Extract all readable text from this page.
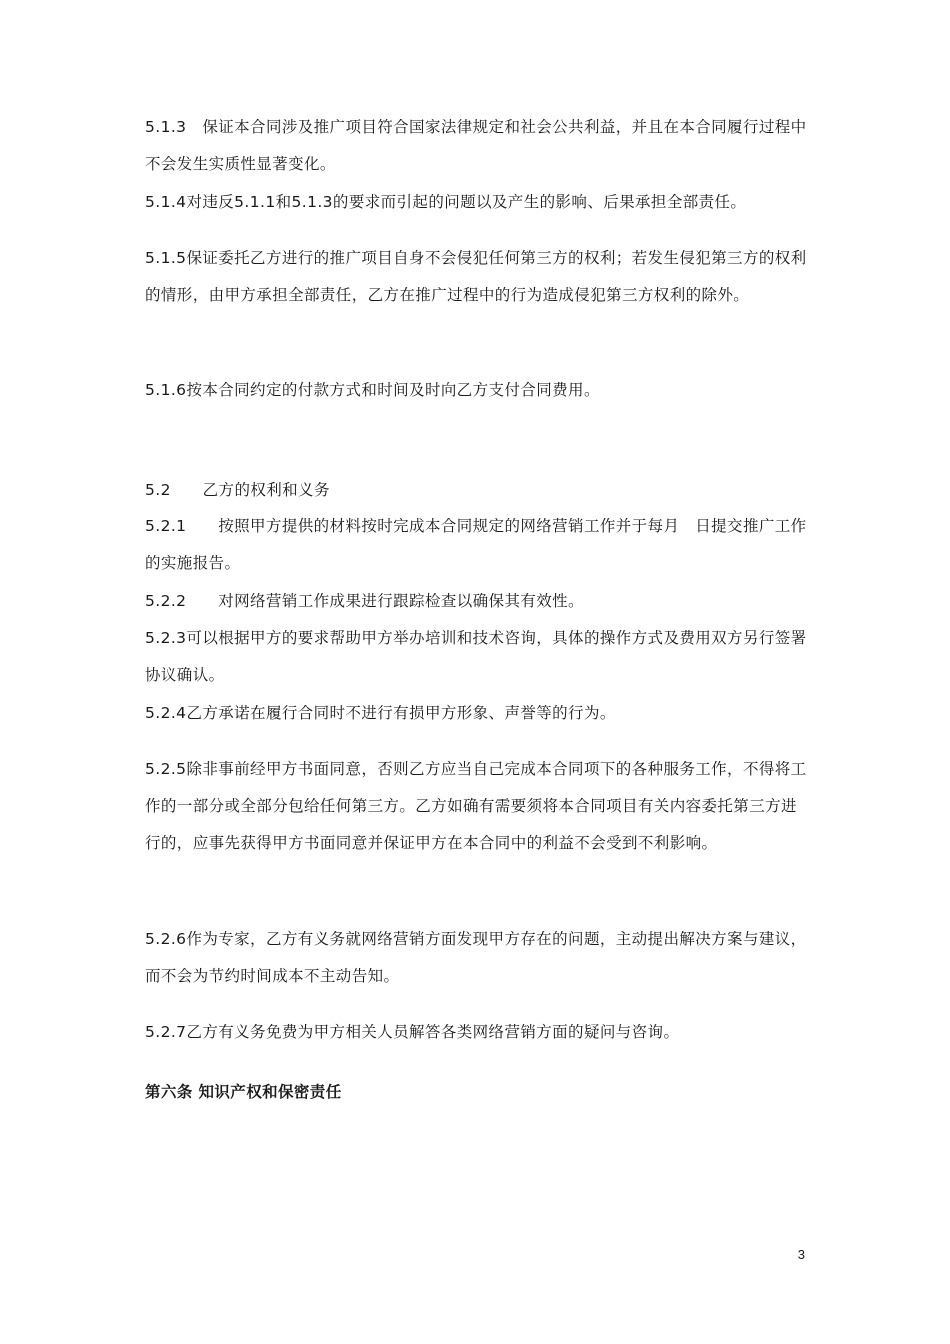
5.1.3　保证本合同涉及推广项目符合国家法律规定和社会公共利益，并且在本合同履行过程中不会发生实质性显著变化。
5.1.4对违反5.1.1和5.1.3的要求而引起的问题以及产生的影响、后果承担全部责任。
5.1.5保证委托乙方进行的推广项目自身不会侵犯任何第三方的权利；若发生侵犯第三方的权利的情形，由甲方承担全部责任，乙方在推广过程中的行为造成侵犯第三方权利的除外。
5.1.6按本合同约定的付款方式和时间及时向乙方支付合同费用。
5.2　　乙方的权利和义务
5.2.1　　按照甲方提供的材料按时完成本合同规定的网络营销工作并于每月　日提交推广工作的实施报告。
5.2.2　　对网络营销工作成果进行跟踪检查以确保其有效性。
5.2.3可以根据甲方的要求帮助甲方举办培训和技术咨询，具体的操作方式及费用双方另行签署协议确认。
5.2.4乙方承诺在履行合同时不进行有损甲方形象、声誉等的行为。
5.2.5除非事前经甲方书面同意，否则乙方应当自己完成本合同项下的各种服务工作，不得将工作的一部分或全部分包给任何第三方。乙方如确有需要须将本合同项目有关内容委托第三方进行的，应事先获得甲方书面同意并保证甲方在本合同中的利益不会受到不利影响。
5.2.6作为专家，乙方有义务就网络营销方面发现甲方存在的问题，主动提出解决方案与建议，而不会为节约时间成本不主动告知。
5.2.7乙方有义务免费为甲方相关人员解答各类网络营销方面的疑问与咨询。
第六条 知识产权和保密责任
3
